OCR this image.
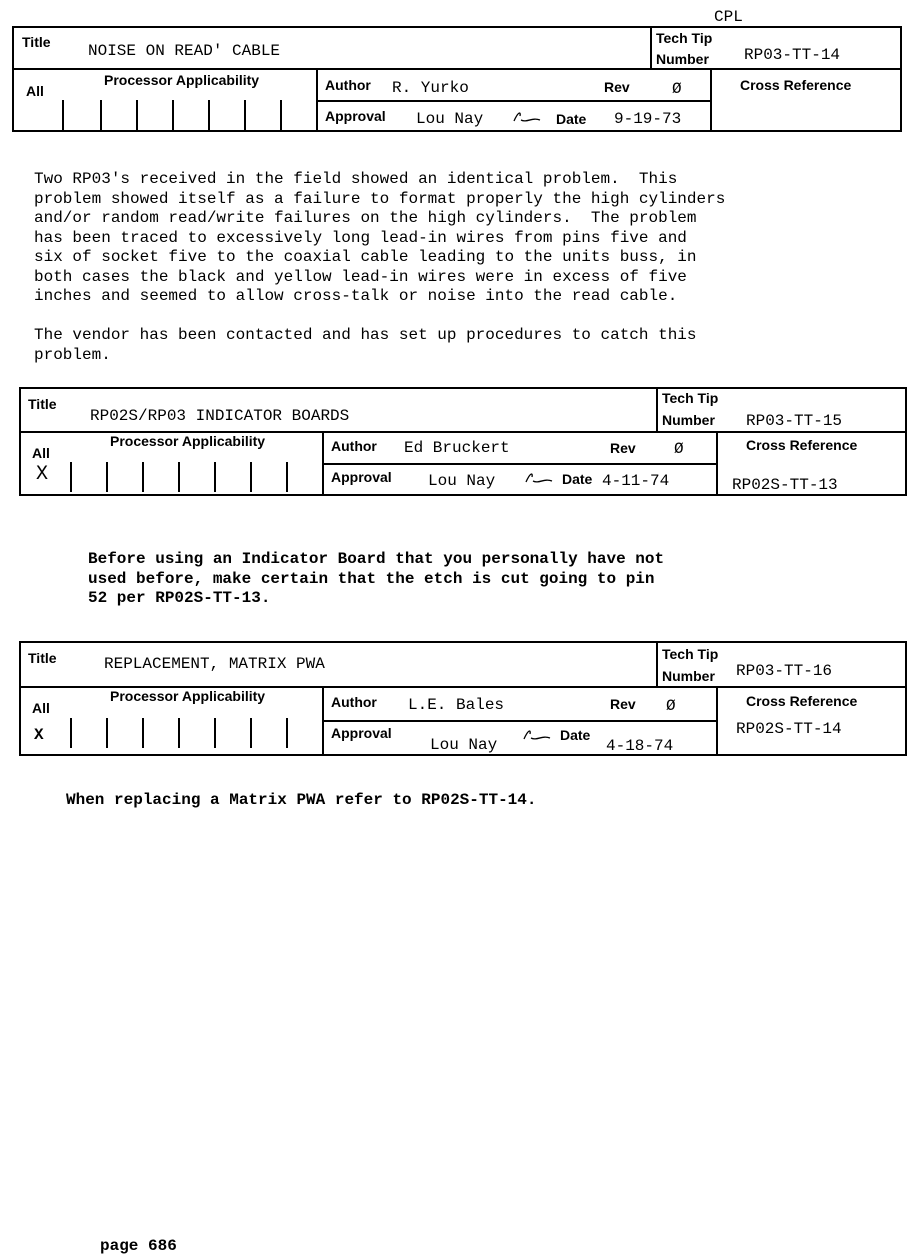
CPL
Title NOISE ON READ' CABLE
Tech Tip
Number RP03-TT-14
All
Processor Applicability	Author R. Yurko	Rev	Ø	Cross Reference
Approval Lou Nay	Date 9-19-73
Two RP03's received in the field showed an identical problem.  This
problem showed itself as a failure to format properly the high cylinders
and/or random read/write failures on the high cylinders.  The problem
has been traced to excessively long lead-in wires from pins five and
six of socket five to the coaxial cable leading to the units buss, in
both cases the black and yellow lead-in wires were in excess of five
inches and seemed to allow cross-talk or noise into the read cable.
The vendor has been contacted and has set up procedures to catch this
problem.
Title
RP02S/RP03 INDICATOR BOARDS
Tech Tip
Number RP03-TT-15
All
X
Processor Applicability	Author Ed Bruckert	Rev Ø	Cross Reference
RP02S-TT-13
Approval Lou Nay	Date 4-11-74
Before using an Indicator Board that you personally have not
used before, make certain that the etch is cut going to pin
52 per RP02S-TT-13.
Title	REPLACEMENT, MATRIX PWA
Tech Tip
Number RP03-TT-16
All
X
Processor Applicability	Author L.E. Bales	Rev Ø	Cross Reference
RP02S-TT-14
Approval
Lou Nay
Date
4-18-74
When replacing a Matrix PWA refer to RP02S-TT-14.
page 686
